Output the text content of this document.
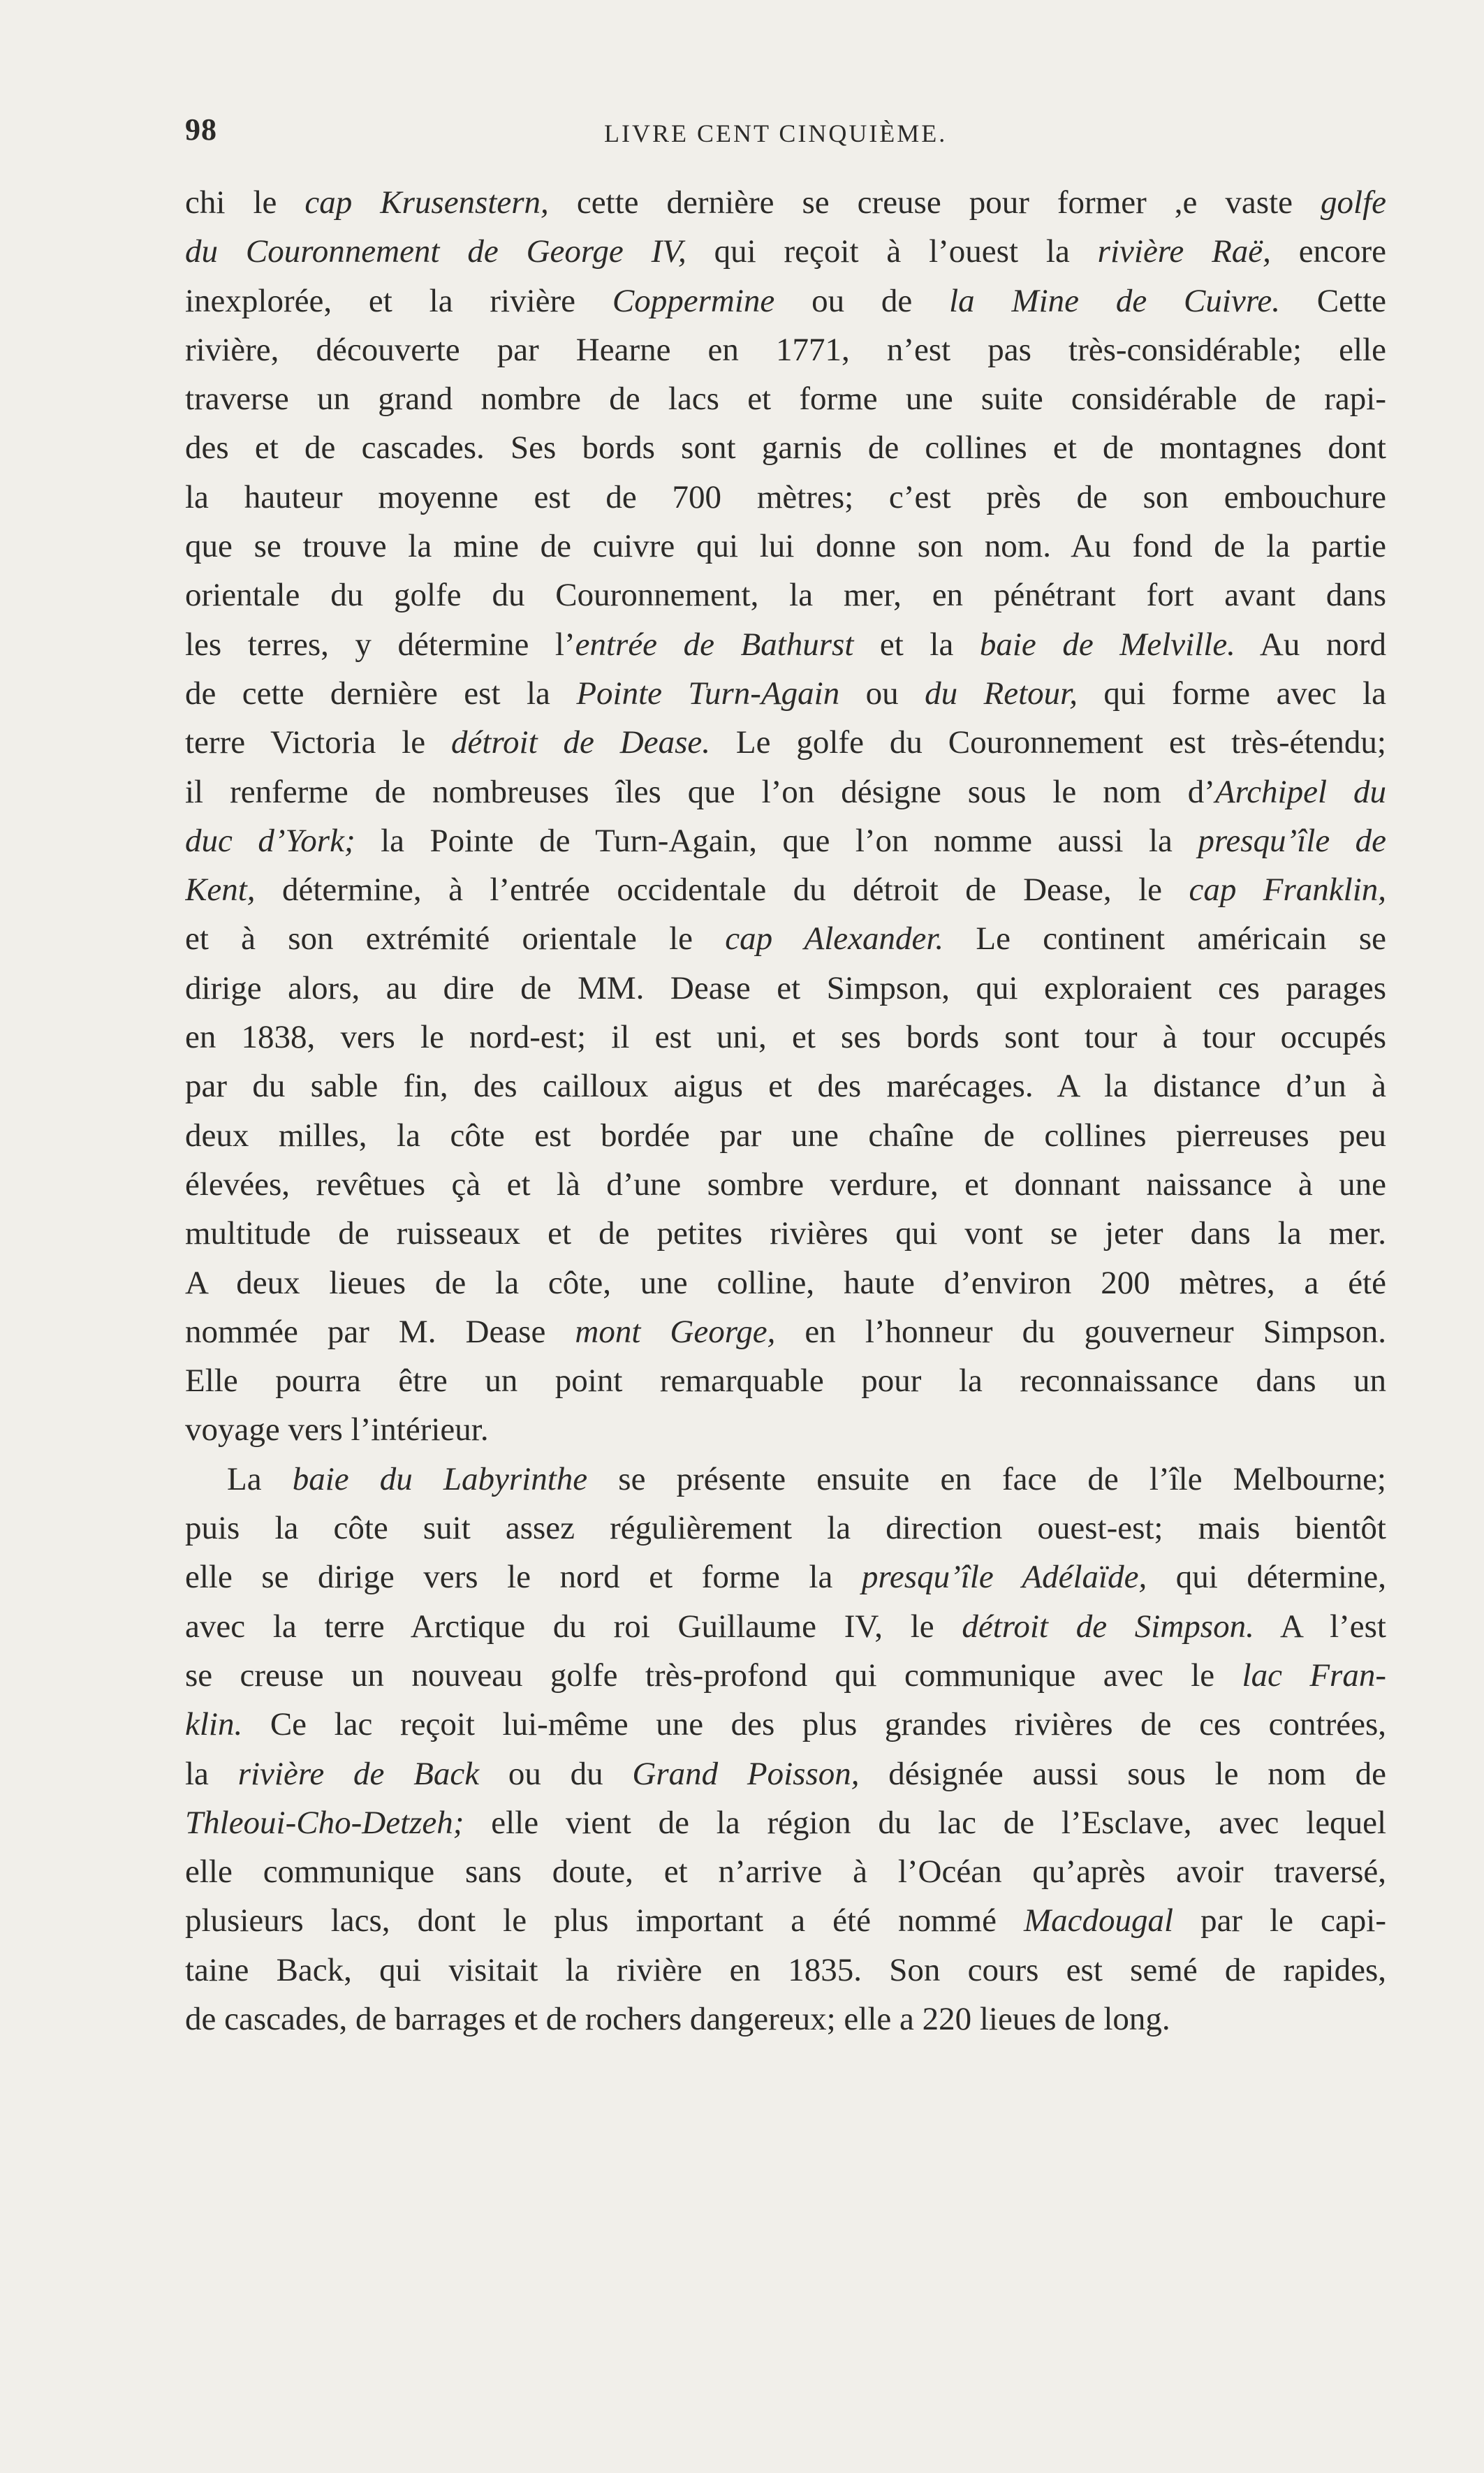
98	LIVRE CENT CINQUIÈME.
chi le cap Krusenstern, cette dernière se creuse pour former ,e vaste golfe
du Couronnement de George IV, qui reçoit à l’ouest la rivière Raë, encore
inexplorée, et la rivière Coppermine ou de la Mine de Cuivre. Cette
rivière, découverte par Hearne en 1771, n’est pas très-considérable; elle
traverse un grand nombre de lacs et forme une suite considérable de rapi-
des et de cascades. Ses bords sont garnis de collines et de montagnes dont
la hauteur moyenne est de 700 mètres; c’est près de son embouchure
que se trouve la mine de cuivre qui lui donne son nom. Au fond de la partie
orientale du golfe du Couronnement, la mer, en pénétrant fort avant dans
les terres, y détermine l’entrée de Bathurst et la baie de Melville. Au nord
de cette dernière est la Pointe Turn-Again ou du Retour, qui forme avec la
terre Victoria le détroit de Dease. Le golfe du Couronnement est très-étendu;
il renferme de nombreuses îles que l’on désigne sous le nom d’Archipel du
duc d’York; la Pointe de Turn-Again, que l’on nomme aussi la presqu’île de
Kent, détermine, à l’entrée occidentale du détroit de Dease, le cap Franklin,
et à son extrémité orientale le cap Alexander. Le continent américain se
dirige alors, au dire de MM. Dease et Simpson, qui exploraient ces parages
en 1838, vers le nord-est; il est uni, et ses bords sont tour à tour occupés
par du sable fin, des cailloux aigus et des marécages. A la distance d’un à
deux milles, la côte est bordée par une chaîne de collines pierreuses peu
élevées, revêtues çà et là d’une sombre verdure, et donnant naissance à une
multitude de ruisseaux et de petites rivières qui vont se jeter dans la mer.
A deux lieues de la côte, une colline, haute d’environ 200 mètres, a été
nommée par M. Dease mont George, en l’honneur du gouverneur Simpson.
Elle pourra être un point remarquable pour la reconnaissance dans un
voyage vers l’intérieur.
La baie du Labyrinthe se présente ensuite en face de l’île Melbourne;
puis la côte suit assez régulièrement la direction ouest-est; mais bientôt
elle se dirige vers le nord et forme la presqu’île Adélaïde, qui détermine,
avec la terre Arctique du roi Guillaume IV, le détroit de Simpson. A l’est
se creuse un nouveau golfe très-profond qui communique avec le lac Fran-
klin. Ce lac reçoit lui-même une des plus grandes rivières de ces contrées,
la rivière de Back ou du Grand Poisson, désignée aussi sous le nom de
Thleoui-Cho-Detzeh; elle vient de la région du lac de l’Esclave, avec lequel
elle communique sans doute, et n’arrive à l’Océan qu’après avoir traversé,
plusieurs lacs, dont le plus important a été nommé Macdougal par le capi-
taine Back, qui visitait la rivière en 1835. Son cours est semé de rapides,
de cascades, de barrages et de rochers dangereux; elle a 220 lieues de long.
